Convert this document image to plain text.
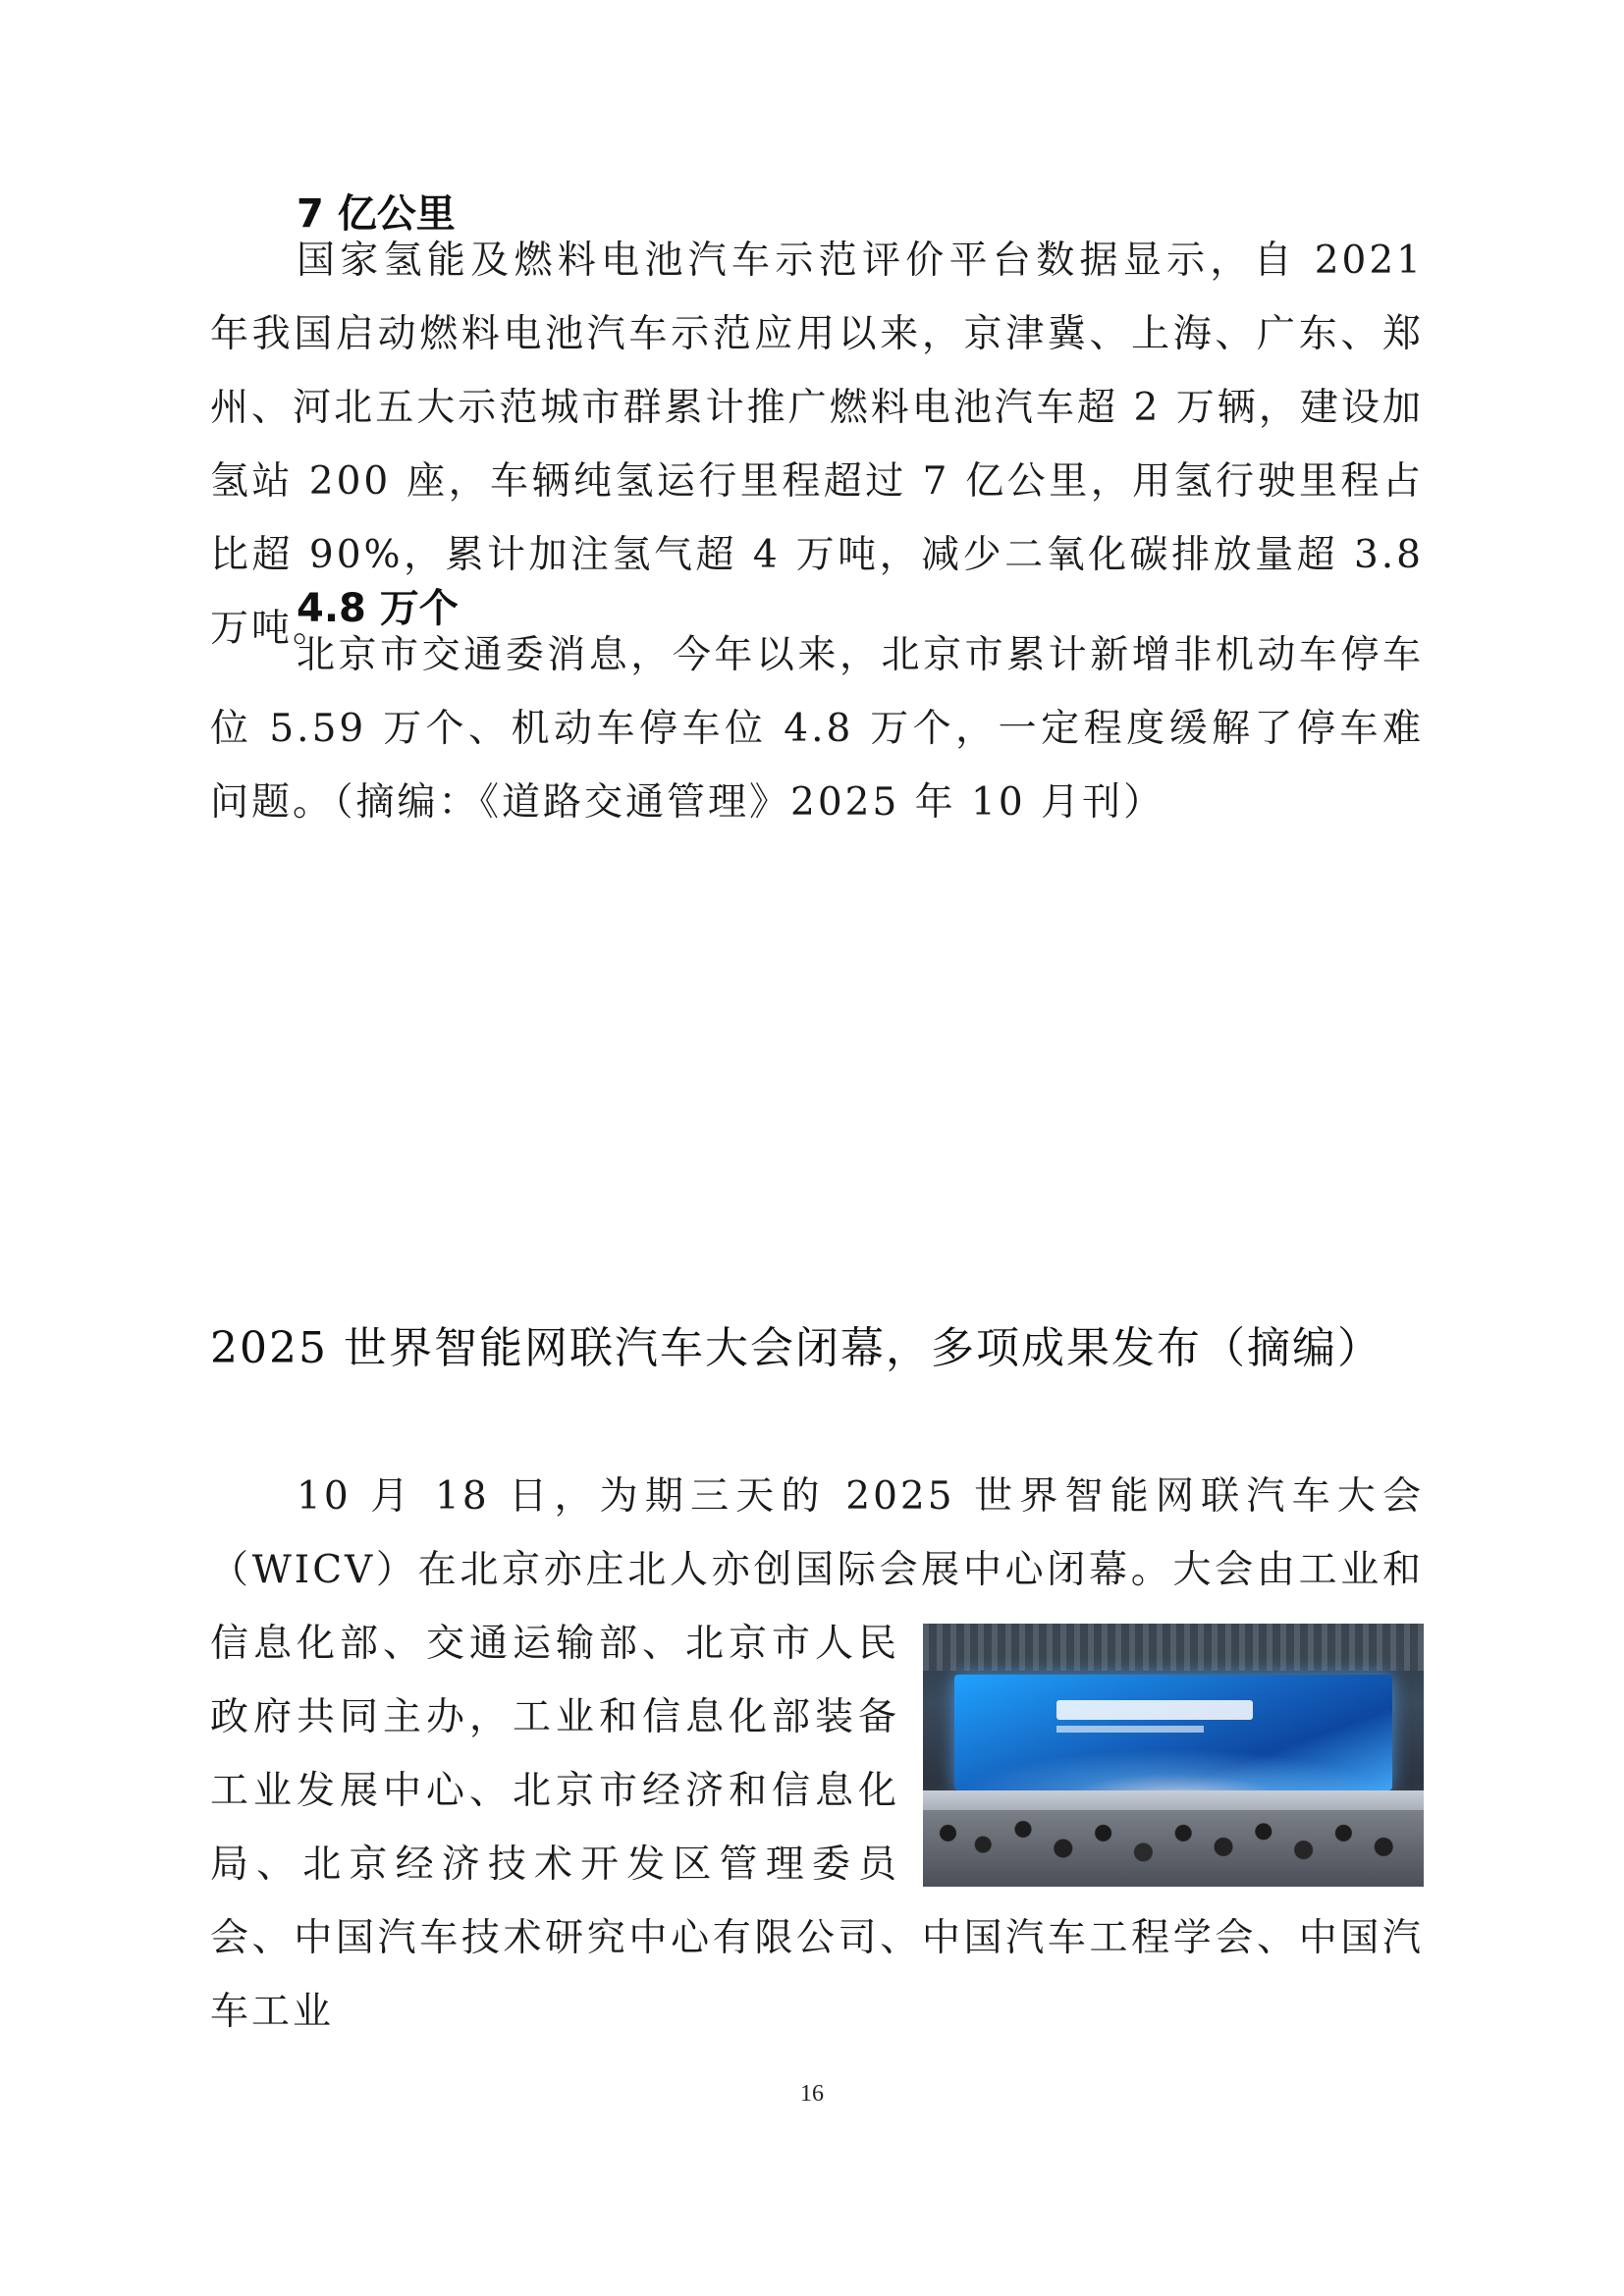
7 亿公里

国家氢能及燃料电池汽车示范评价平台数据显示，自 2021 年我国启动燃料电池汽车示范应用以来，京津冀、上海、广东、郑州、河北五大示范城市群累计推广燃料电池汽车超 2 万辆，建设加氢站 200 座，车辆纯氢运行里程超过 7 亿公里，用氢行驶里程占比超 90%，累计加注氢气超 4 万吨，减少二氧化碳排放量超 3.8 万吨。

4.8 万个

北京市交通委消息，今年以来，北京市累计新增非机动车停车位 5.59 万个、机动车停车位 4.8 万个，一定程度缓解了停车难问题。（摘编：《道路交通管理》2025 年 10 月刊）

2025 世界智能网联汽车大会闭幕，多项成果发布（摘编）
10 月 18 日，为期三天的 2025 世界智能网联汽车大会（WICV）在北京亦庄北人亦创国际会展中心闭幕。大会由工业和信息化
部、交通运输部、北京市人民政府共同主办，工业和信息化部装备工业发展中心、北京市经济和信息化局、北京经济技术开发区管理委员会、中国汽车技术研究中心有限公司、中国汽车工程学会、中国汽车工业
16
